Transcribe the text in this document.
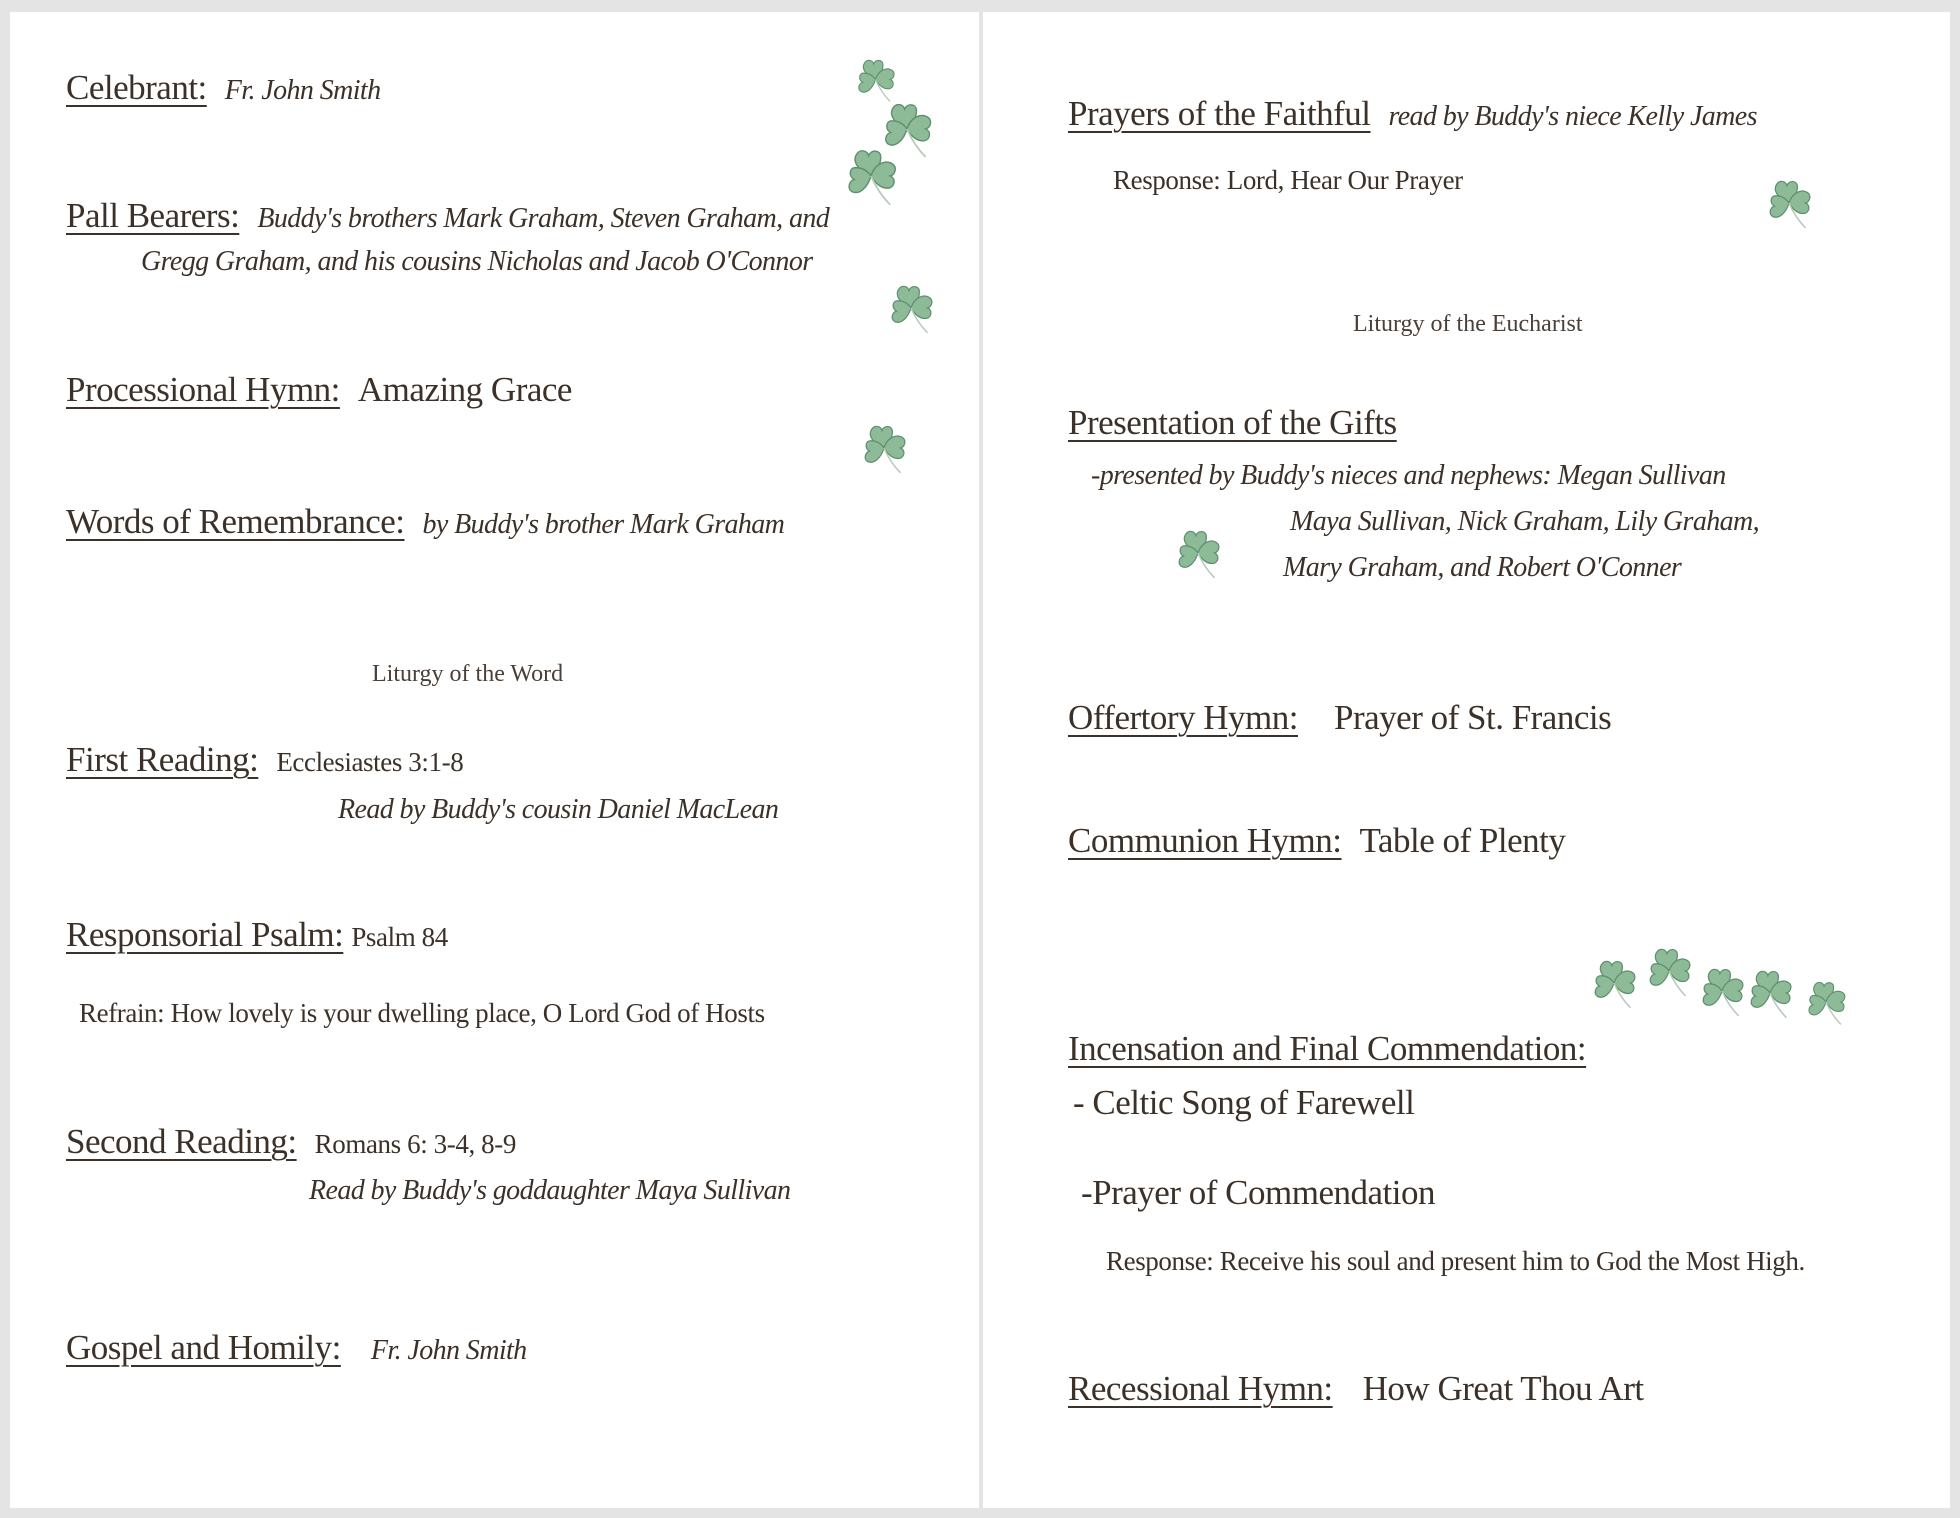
Celebrant: Fr. John Smith
Pall Bearers: Buddy's brothers Mark Graham, Steven Graham, and
Gregg Graham, and his cousins Nicholas and Jacob O'Connor
Processional Hymn: Amazing Grace
Words of Remembrance: by Buddy's brother Mark Graham
Liturgy of the Word
First Reading: Ecclesiastes 3:1-8
Read by Buddy's cousin Daniel MacLean
Responsorial Psalm: Psalm 84
Refrain: How lovely is your dwelling place, O Lord God of Hosts
Second Reading: Romans 6: 3-4, 8-9
Read by Buddy's goddaughter Maya Sullivan
Gospel and Homily: Fr. John Smith
Prayers of the Faithful read by Buddy's niece Kelly James
Response: Lord, Hear Our Prayer
Liturgy of the Eucharist
Presentation of the Gifts
-presented by Buddy's nieces and nephews: Megan Sullivan
Maya Sullivan, Nick Graham, Lily Graham,
Mary Graham, and Robert O'Conner
Offertory Hymn: Prayer of St. Francis
Communion Hymn: Table of Plenty
Incensation and Final Commendation:
- Celtic Song of Farewell
-Prayer of Commendation
Response: Receive his soul and present him to God the Most High.
Recessional Hymn: How Great Thou Art
